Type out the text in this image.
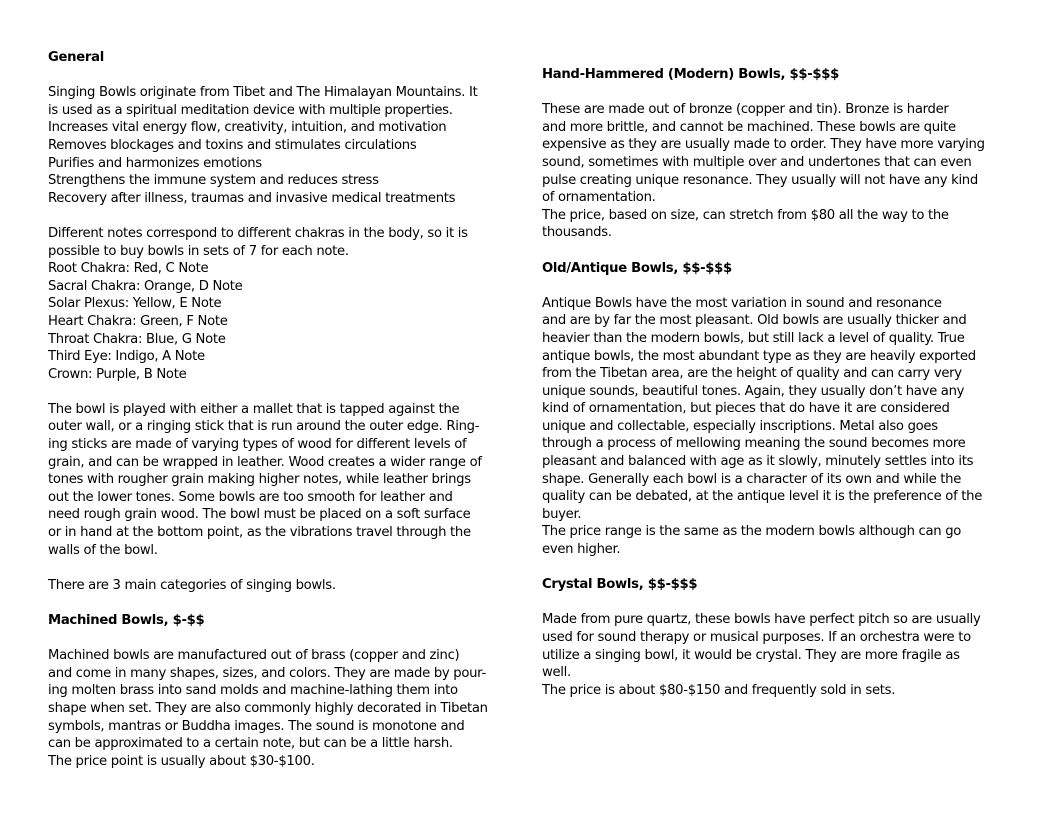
General
Singing Bowls originate from Tibet and The Himalayan Mountains. It
is used as a spiritual meditation device with multiple properties.
Increases vital energy flow, creativity, intuition, and motivation
Removes blockages and toxins and stimulates circulations
Purifies and harmonizes emotions
Strengthens the immune system and reduces stress
Recovery after illness, traumas and invasive medical treatments
Different notes correspond to different chakras in the body, so it is
possible to buy bowls in sets of 7 for each note.
Root Chakra: Red, C Note
Sacral Chakra: Orange, D Note
Solar Plexus: Yellow, E Note
Heart Chakra: Green, F Note
Throat Chakra: Blue, G Note
Third Eye: Indigo, A Note
Crown: Purple, B Note
The bowl is played with either a mallet that is tapped against the
outer wall, or a ringing stick that is run around the outer edge. Ring-
ing sticks are made of varying types of wood for different levels of
grain, and can be wrapped in leather. Wood creates a wider range of
tones with rougher grain making higher notes, while leather brings
out the lower tones. Some bowls are too smooth for leather and
need rough grain wood. The bowl must be placed on a soft surface
or in hand at the bottom point, as the vibrations travel through the
walls of the bowl.
There are 3 main categories of singing bowls.
Machined Bowls, $-$$
Machined bowls are manufactured out of brass (copper and zinc)
and come in many shapes, sizes, and colors. They are made by pour-
ing molten brass into sand molds and machine-lathing them into
shape when set. They are also commonly highly decorated in Tibetan
symbols, mantras or Buddha images. The sound is monotone and
can be approximated to a certain note, but can be a little harsh.
The price point is usually about $30-$100.
Hand-Hammered (Modern) Bowls, $$-$$$
These are made out of bronze (copper and tin). Bronze is harder
and more brittle, and cannot be machined. These bowls are quite
expensive as they are usually made to order. They have more varying
sound, sometimes with multiple over and undertones that can even
pulse creating unique resonance. They usually will not have any kind
of ornamentation.
The price, based on size, can stretch from $80 all the way to the
thousands.
Old/Antique Bowls, $$-$$$
Antique Bowls have the most variation in sound and resonance
and are by far the most pleasant. Old bowls are usually thicker and
heavier than the modern bowls, but still lack a level of quality. True
antique bowls, the most abundant type as they are heavily exported
from the Tibetan area, are the height of quality and can carry very
unique sounds, beautiful tones. Again, they usually don’t have any
kind of ornamentation, but pieces that do have it are considered
unique and collectable, especially inscriptions. Metal also goes
through a process of mellowing meaning the sound becomes more
pleasant and balanced with age as it slowly, minutely settles into its
shape. Generally each bowl is a character of its own and while the
quality can be debated, at the antique level it is the preference of the
buyer.
The price range is the same as the modern bowls although can go
even higher.
Crystal Bowls, $$-$$$
Made from pure quartz, these bowls have perfect pitch so are usually
used for sound therapy or musical purposes. If an orchestra were to
utilize a singing bowl, it would be crystal. They are more fragile as
well.
The price is about $80-$150 and frequently sold in sets.
